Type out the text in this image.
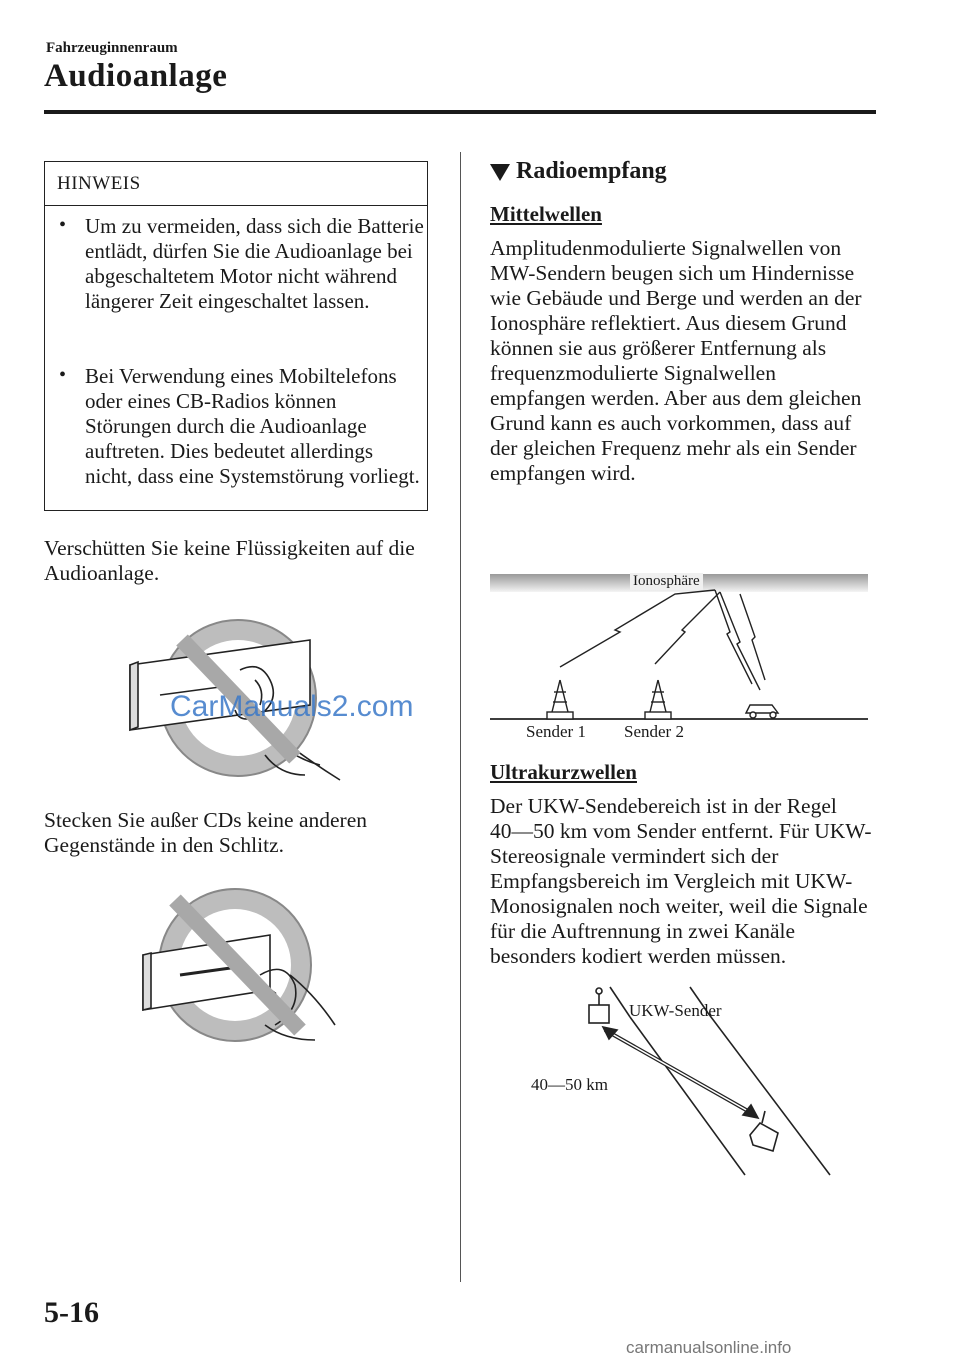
Fahrzeuginnenraum
Audioanlage
HINWEIS
• Um zu vermeiden, dass sich die Batterie entlädt, dürfen Sie die Audioanlage bei abgeschaltetem Motor nicht während längerer Zeit eingeschaltet lassen.
• Bei Verwendung eines Mobiltelefons oder eines CB-Radios können Störungen durch die Audioanlage auftreten. Dies bedeutet allerdings nicht, dass eine Systemstörung vorliegt.
Verschütten Sie keine Flüssigkeiten auf die Audioanlage.
CarManuals2.com
Stecken Sie außer CDs keine anderen Gegenstände in den Schlitz.
Radioempfang
Mittelwellen
Amplitudenmodulierte Signalwellen von MW-Sendern beugen sich um Hindernisse wie Gebäude und Berge und werden an der Ionosphäre reflektiert. Aus diesem Grund können sie aus größerer Entfernung als frequenzmodulierte Signalwellen empfangen werden. Aber aus dem gleichen Grund kann es auch vorkommen, dass auf der gleichen Frequenz mehr als ein Sender empfangen wird.
Ionosphäre
Sender 1 Sender 2
Ultrakurzwellen
Der UKW-Sendebereich ist in der Regel 40―50 km vom Sender entfernt. Für UKW-Stereosignale vermindert sich der Empfangsbereich im Vergleich mit UKW-Monosignalen noch weiter, weil die Signale für die Auftrennung in zwei Kanäle besonders kodiert werden müssen.
UKW-Sender
40―50 km
5-16
carmanualsonline.info
